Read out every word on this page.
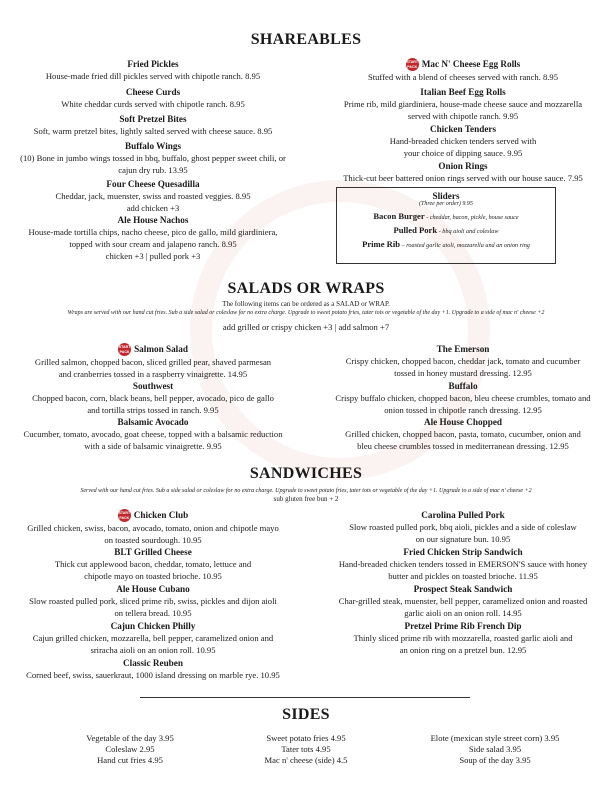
SHAREABLES
Fried Pickles
House-made fried dill pickles served with chipotle ranch. 8.95
Cheese Curds
White cheddar curds served with chipotle ranch. 8.95
Soft Pretzel Bites
Soft, warm pretzel bites, lightly salted served with cheese sauce. 8.95
Buffalo Wings
(10) Bone in jumbo wings tossed in bbq, buffalo, ghost pepper sweet chili, or
cajun dry rub. 13.95
Four Cheese Quesadilla
Cheddar, jack, muenster, swiss and roasted veggies. 8.95
add chicken +3
Ale House Nachos
House-made tortilla chips, nacho cheese, pico de gallo, mild giardiniera,
topped with sour cream and jalapeno ranch. 8.95
chicken +3 | pulled pork +3
START PACK Mac N' Cheese Egg Rolls
Stuffed with a blend of cheeses served with ranch. 8.95
Italian Beef Egg Rolls
Prime rib, mild giardiniera, house-made cheese sauce and mozzarella
served with chipotle ranch. 9.95
Chicken Tenders
Hand-breaded chicken tenders served with
your choice of dipping sauce. 9.95
Onion Rings
Thick-cut beer battered onion rings served with our house sauce. 7.95
Sliders
(Three per order) 9.95
Bacon Burger - cheddar, bacon, pickle, house sauce
Pulled Pork - bbq aioli and coleslaw
Prime Rib – roasted garlic aioli, mozzarella and an onion ring
SALADS OR WRAPS
The following items can be ordered as a SALAD or WRAP.
Wraps are served with our hand cut fries. Sub a side salad or coleslaw for no extra charge. Upgrade to sweet potato fries, tater tots or vegetable of the day +1. Upgrade to a side of mac n' cheese +2
add grilled or crispy chicken +3 | add salmon +7
START PACK Salmon Salad
Grilled salmon, chopped bacon, sliced grilled pear, shaved parmesan
and cranberries tossed in a raspberry vinaigrette. 14.95
Southwest
Chopped bacon, corn, black beans, bell pepper, avocado, pico de gallo
and tortilla strips tossed in ranch. 9.95
Balsamic Avocado
Cucumber, tomato, avocado, goat cheese, topped with a balsamic reduction
with a side of balsamic vinaigrette. 9.95
The Emerson
Crispy chicken, chopped bacon, cheddar jack, tomato and cucumber
tossed in honey mustard dressing. 12.95
Buffalo
Crispy buffalo chicken, chopped bacon, bleu cheese crumbles, tomato and
onion tossed in chipotle ranch dressing. 12.95
Ale House Chopped
Grilled chicken, chopped bacon, pasta, tomato, cucumber, onion and
bleu cheese crumbles tossed in mediterranean dressing. 12.95
SANDWICHES
Served with our hand cut fries. Sub a side salad or coleslaw for no extra charge. Upgrade to sweet potato fries, tater tots or vegetable of the day +1. Upgrade to a side of mac n' cheese +2
sub gluten free bun + 2
START PACK Chicken Club
Grilled chicken, swiss, bacon, avocado, tomato, onion and chipotle mayo
on toasted sourdough. 10.95
BLT Grilled Cheese
Thick cut applewood bacon, cheddar, tomato, lettuce and
chipotle mayo on toasted brioche. 10.95
Ale House Cubano
Slow roasted pulled pork, sliced prime rib, swiss, pickles and dijon aioli
on tellera bread. 10.95
Cajun Chicken Philly
Cajun grilled chicken, mozzarella, bell pepper, caramelized onion and
sriracha aioli on an onion roll. 10.95
Classic Reuben
Corned beef, swiss, sauerkraut, 1000 island dressing on marble rye. 10.95
Carolina Pulled Pork
Slow roasted pulled pork, bbq aioli, pickles and a side of coleslaw
on our signature bun. 10.95
Fried Chicken Strip Sandwich
Hand-breaded chicken tenders tossed in EMERSON'S sauce with honey
butter and pickles on toasted brioche. 11.95
Prospect Steak Sandwich
Char-grilled steak, muenster, bell pepper, caramelized onion and roasted
garlic aioli on an onion roll. 14.95
Pretzel Prime Rib French Dip
Thinly sliced prime rib with mozzarella, roasted garlic aioli and
an onion ring on a pretzel bun. 12.95
SIDES
Vegetable of the day 3.95
Coleslaw 2.95
Hand cut fries 4.95
Sweet potato fries 4.95
Tater tots 4.95
Mac n' cheese (side) 4.5
Elote (mexican style street corn) 3.95
Side salad 3.95
Soup of the day 3.95
